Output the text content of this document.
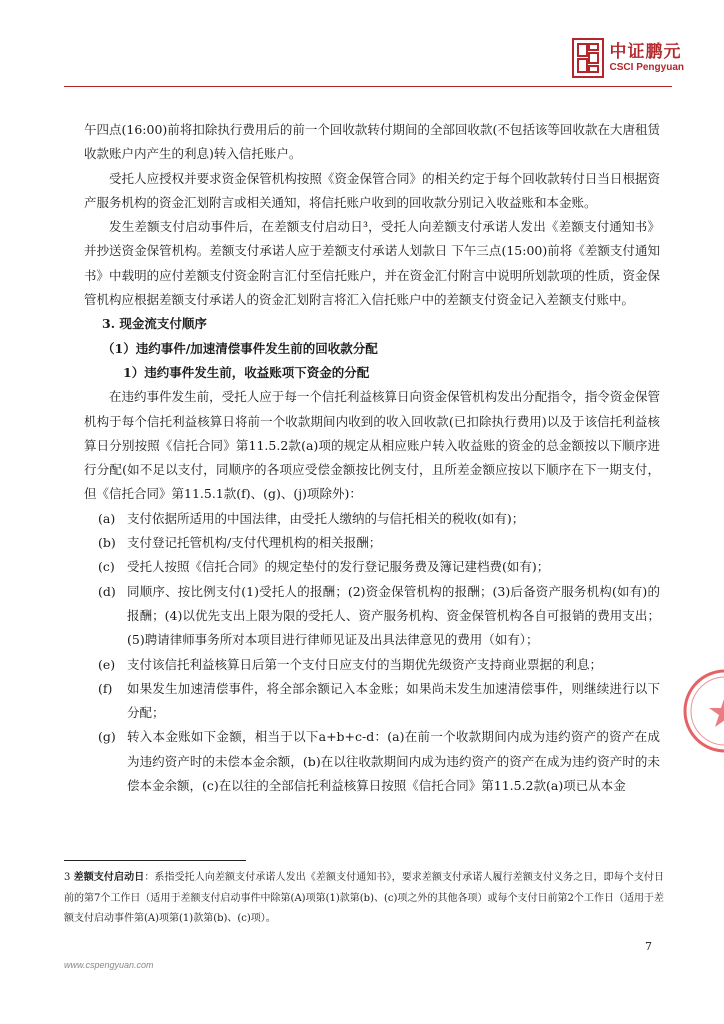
中证鹏元
CSCI Pengyuan

午四点(16:00)前将扣除执行费用后的前一个回收款转付期间的全部回收款(不包括该等回收款在大唐租赁收款账户内产生的利息)转入信托账户。

受托人应授权并要求资金保管机构按照《资金保管合同》的相关约定于每个回收款转付日当日根据资产服务机构的资金汇划附言或相关通知，将信托账户收到的回收款分别记入收益账和本金账。

发生差额支付启动事件后，在差额支付启动日³，受托人向差额支付承诺人发出《差额支付通知书》并抄送资金保管机构。差额支付承诺人应于差额支付承诺人划款日 下午三点(15:00)前将《差额支付通知书》中载明的应付差额支付资金附言汇付至信托账户，并在资金汇付附言中说明所划款项的性质，资金保管机构应根据差额支付承诺人的资金汇划附言将汇入信托账户中的差额支付资金记入差额支付账中。

3. 现金流支付顺序

（1）违约事件/加速清偿事件发生前的回收款分配

1）违约事件发生前，收益账项下资金的分配

在违约事件发生前，受托人应于每一个信托利益核算日向资金保管机构发出分配指令，指令资金保管机构于每个信托利益核算日将前一个收款期间内收到的收入回收款(已扣除执行费用)以及于该信托利益核算日分别按照《信托合同》第11.5.2款(a)项的规定从相应账户转入收益账的资金的总金额按以下顺序进行分配(如不足以支付，同顺序的各项应受偿金额按比例支付，且所差金额应按以下顺序在下一期支付，但《信托合同》第11.5.1款(f)、(g)、(j)项除外)：

(a) 支付依据所适用的中国法律，由受托人缴纳的与信托相关的税收(如有)；
(b) 支付登记托管机构/支付代理机构的相关报酬；
(c) 受托人按照《信托合同》的规定垫付的发行登记服务费及簿记建档费(如有)；
(d) 同顺序、按比例支付(1)受托人的报酬；(2)资金保管机构的报酬；(3)后备资产服务机构(如有)的报酬；(4)以优先支出上限为限的受托人、资产服务机构、资金保管机构各自可报销的费用支出；(5)聘请律师事务所对本项目进行律师见证及出具法律意见的费用（如有）；
(e) 支付该信托利益核算日后第一个支付日应支付的当期优先级资产支持商业票据的利息；
(f)	如果发生加速清偿事件，将全部余额记入本金账；如果尚未发生加速清偿事件，则继续进行以下分配；
(g) 转入本金账如下金额，相当于以下a+b+c-d：(a)在前一个收款期间内成为违约资产的资产在成为违约资产时的未偿本金余额，(b)在以往收款期间内成为违约资产的资产在成为违约资产时的未偿本金余额，(c)在以往的全部信托利益核算日按照《信托合同》第11.5.2款(a)项已从本金
3 差额支付启动日：系指受托人向差额支付承诺人发出《差额支付通知书》，要求差额支付承诺人履行差额支付义务之日，即每个支付日前的第7个工作日（适用于差额支付启动事件中除第(A)项第(1)款第(b)、(c)项之外的其他各项）或每个支付日前第2个工作日（适用于差额支付启动事件第(A)项第(1)款第(b)、(c)项）。
7
www.cspengyuan.com
